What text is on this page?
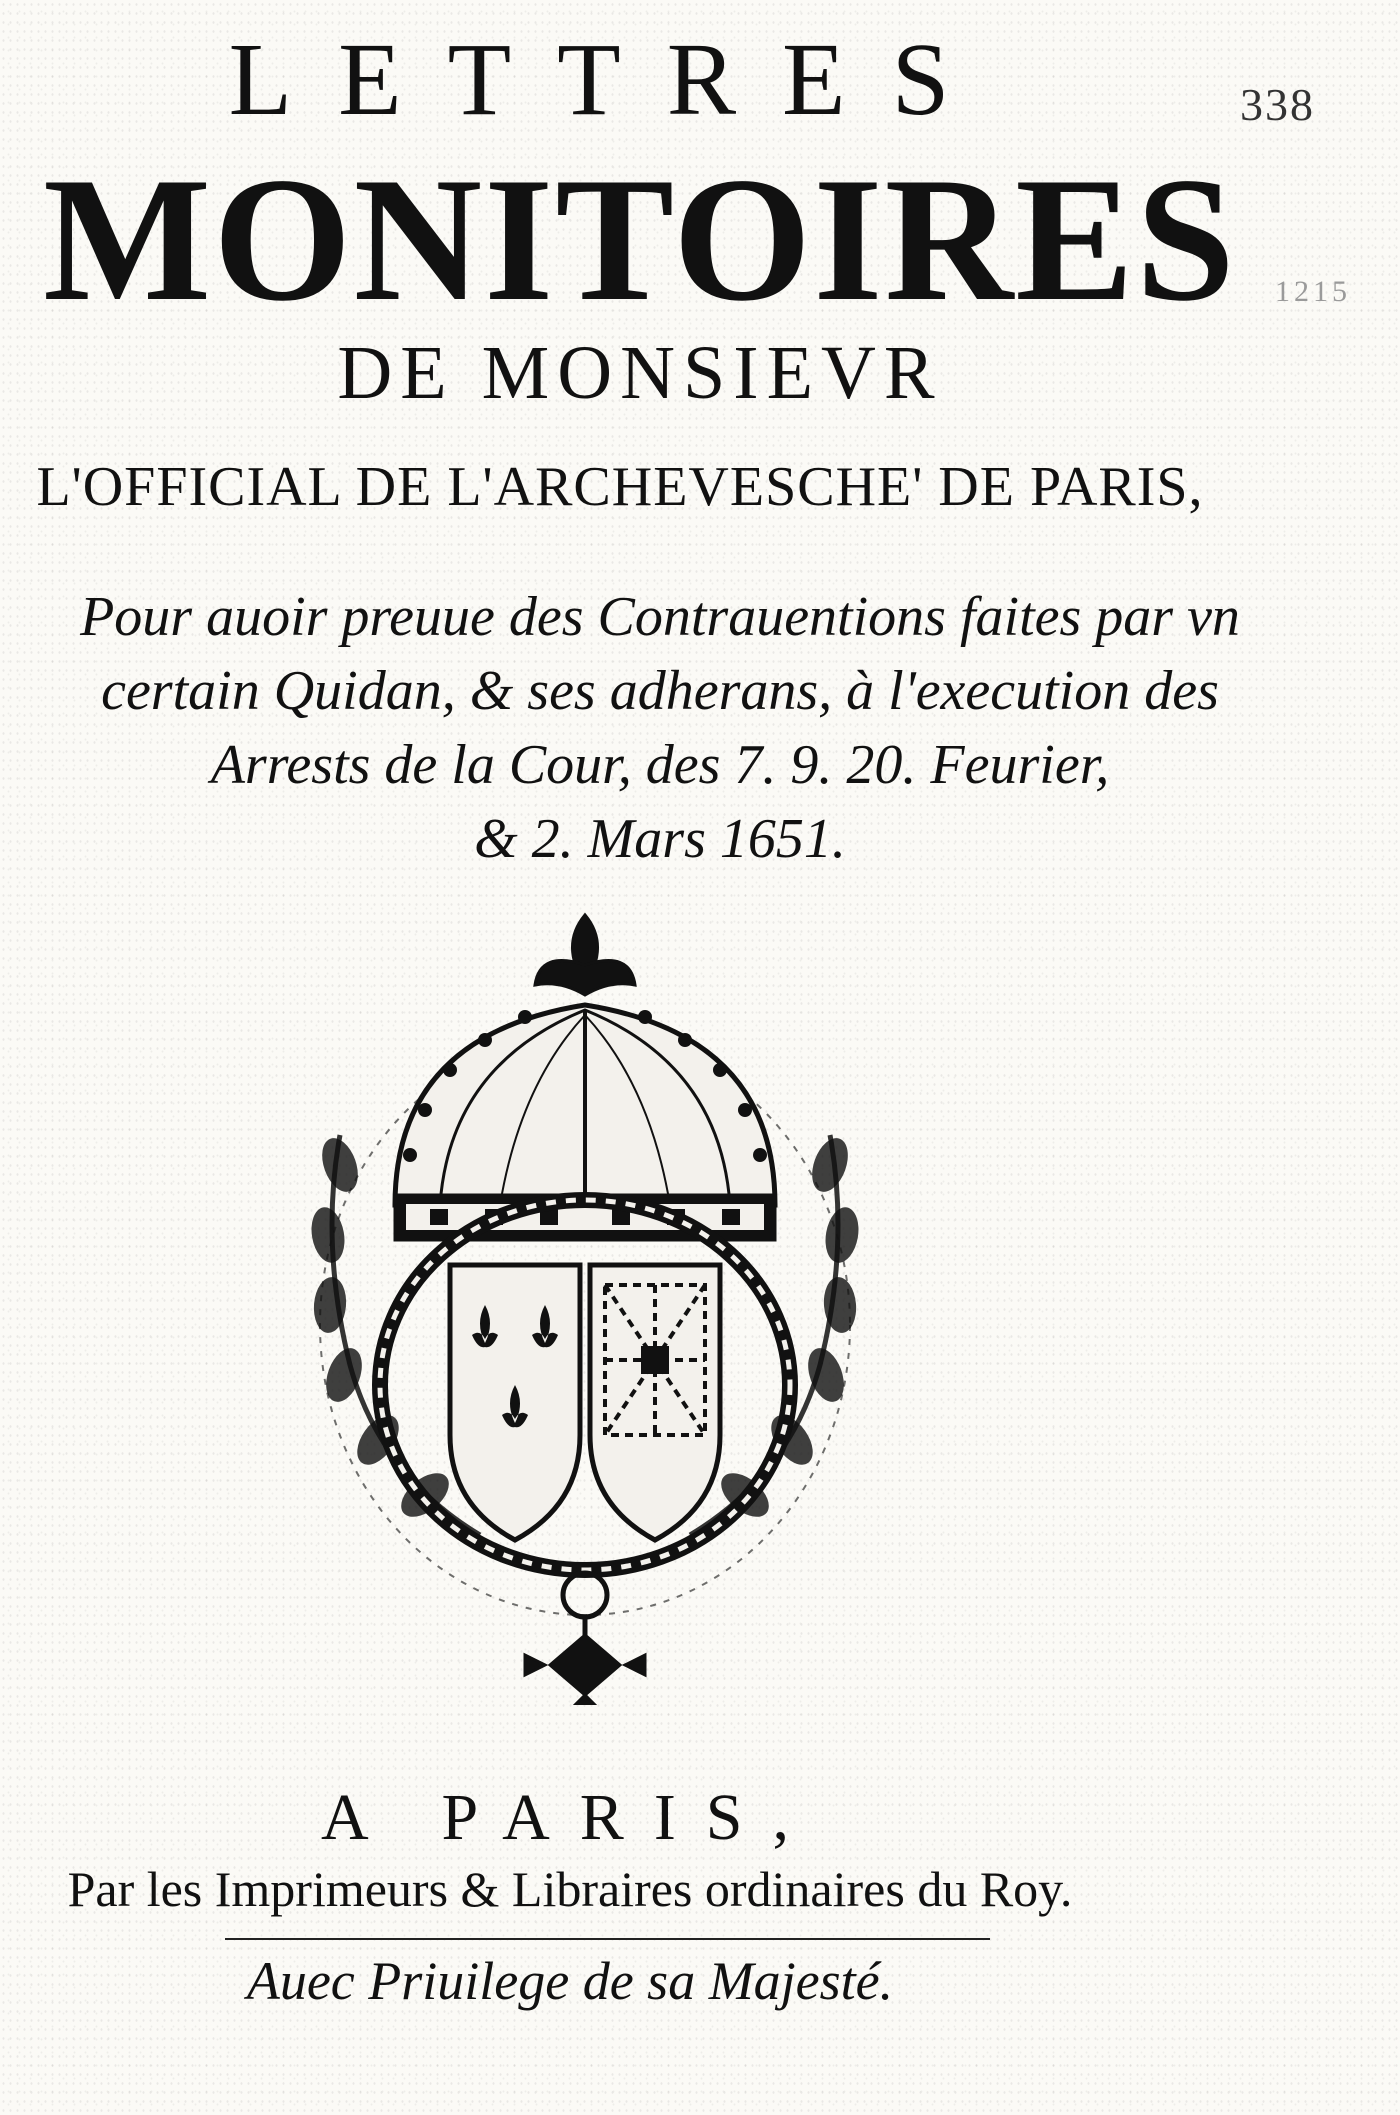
338
1215
LETTRES
MONITOIRES
DE MONSIEVR
L'OFFICIAL DE L'ARCHEVESCHE' DE PARIS,
Pour auoir preuue des Contrauentions faites par vn
certain Quidan, & ses adherans, à l'execution des
Arrests de la Cour, des 7. 9. 20. Feurier,
& 2. Mars 1651.
A PARIS,
Par les Imprimeurs & Libraires ordinaires du Roy.
Auec Priuilege de sa Majesté.
